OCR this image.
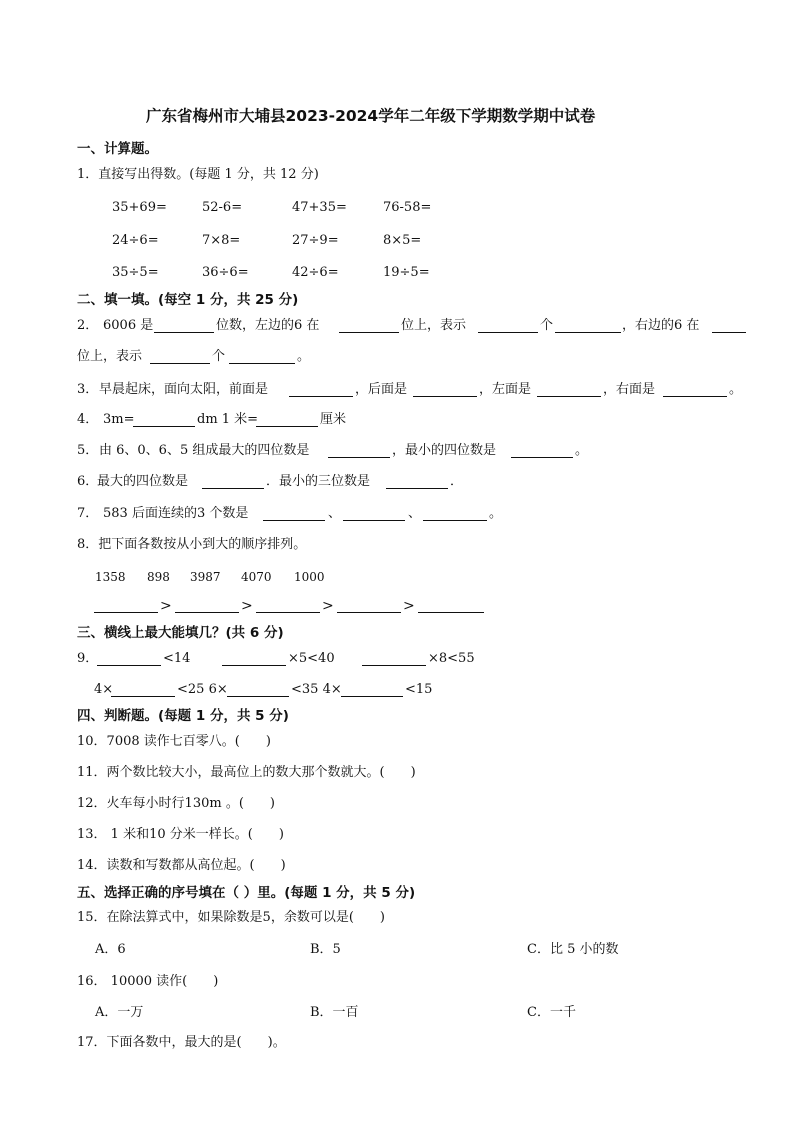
广东省梅州市大埔县2023-2024学年二年级下学期数学期中试卷
一、计算题。
1．直接写出得数。(每题 1 分，共 12 分)
35+69=	52-6=	47+35=	76-58=
24÷6=	7×8=	27÷9=	8×5=
35÷5=	36÷6=	42÷6=	19÷5=
二、填一填。(每空 1 分，共 25 分)
2． 6006 是	位数，左边的6 在	位上，表示	个	，右边的6 在
位上，表示	个	。
3． 早晨起床，面向太阳，前面是	，后面是	，左面是	，右面是	。
4． 3m=	dm 1 米=	厘米
5． 由 6、0、6、5 组成最大的四位数是	，最小的四位数是	。
6．
最大的四位数是	．最小的三位数是	．
7． 583 后面连续的3 个数是	、	、	。
8．把下面各数按从小到大的顺序排列。
1358 898 3987 4070 1000
>	>	>	>
三、横线上最大能填几？(共 6 分)
9．	<14	×5<40	×8<55
4×	<25 6×	<35 4×	<15
四、判断题。(每题 1 分，共 5 分)
10．7008 读作七百零八。(　　)
11．两个数比较大小，最高位上的数大那个数就大。(　　)
12．火车每小时行130m 。(　　)
13． 1 米和10 分米一样长。(　　)
14．读数和写数都从高位起。(　　)
五、选择正确的序号填在（ ）里。(每题 1 分，共 5 分)
15．在除法算式中，如果除数是5，余数可以是(　　)
A．6	B．5	C．比 5 小的数
16． 10000 读作(　　)
A．一万	B．一百	C．一千
17．下面各数中，最大的是(　　)。
